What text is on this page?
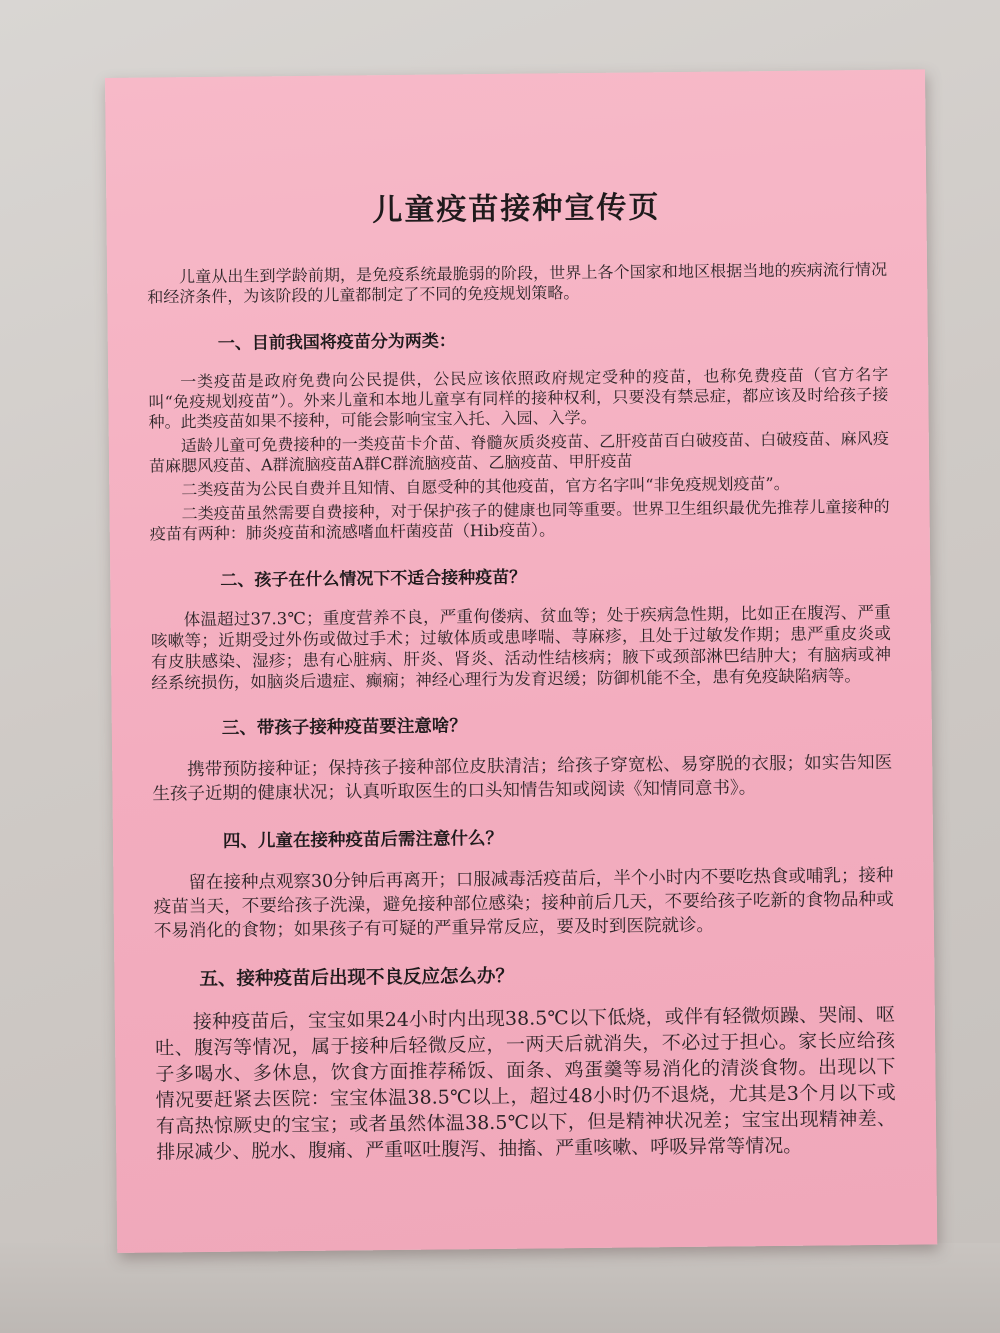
儿童疫苗接种宣传页

儿童从出生到学龄前期，是免疫系统最脆弱的阶段，世界上各个国家和地区根据当地的疾病流行情况和经济条件，为该阶段的儿童都制定了不同的免疫规划策略。

一、目前我国将疫苗分为两类：

一类疫苗是政府免费向公民提供，公民应该依照政府规定受种的疫苗，也称免费疫苗（官方名字叫“免疫规划疫苗”）。外来儿童和本地儿童享有同样的接种权利，只要没有禁忌症，都应该及时给孩子接种。此类疫苗如果不接种，可能会影响宝宝入托、入园、入学。

适龄儿童可免费接种的一类疫苗卡介苗、脊髓灰质炎疫苗、乙肝疫苗百白破疫苗、白破疫苗、麻风疫苗麻腮风疫苗、A群流脑疫苗A群C群流脑疫苗、乙脑疫苗、甲肝疫苗

二类疫苗为公民自费并且知情、自愿受种的其他疫苗，官方名字叫“非免疫规划疫苗”。

二类疫苗虽然需要自费接种，对于保护孩子的健康也同等重要。世界卫生组织最优先推荐儿童接种的疫苗有两种：肺炎疫苗和流感嗜血杆菌疫苗（Hib疫苗）。

二、孩子在什么情况下不适合接种疫苗？

体温超过37.3℃；重度营养不良，严重佝偻病、贫血等；处于疾病急性期，比如正在腹泻、严重咳嗽等；近期受过外伤或做过手术；过敏体质或患哮喘、荨麻疹，且处于过敏发作期；患严重皮炎或有皮肤感染、湿疹；患有心脏病、肝炎、肾炎、活动性结核病；腋下或颈部淋巴结肿大；有脑病或神经系统损伤，如脑炎后遗症、癫痫；神经心理行为发育迟缓；防御机能不全，患有免疫缺陷病等。

三、带孩子接种疫苗要注意啥？

携带预防接种证；保持孩子接种部位皮肤清洁；给孩子穿宽松、易穿脱的衣服；如实告知医生孩子近期的健康状况；认真听取医生的口头知情告知或阅读《知情同意书》。

四、儿童在接种疫苗后需注意什么？

留在接种点观察30分钟后再离开；口服减毒活疫苗后，半个小时内不要吃热食或哺乳；接种疫苗当天，不要给孩子洗澡，避免接种部位感染；接种前后几天，不要给孩子吃新的食物品种或不易消化的食物；如果孩子有可疑的严重异常反应，要及时到医院就诊。

五、接种疫苗后出现不良反应怎么办？

接种疫苗后，宝宝如果24小时内出现38.5℃以下低烧，或伴有轻微烦躁、哭闹、呕吐、腹泻等情况，属于接种后轻微反应，一两天后就消失，不必过于担心。家长应给孩子多喝水、多休息，饮食方面推荐稀饭、面条、鸡蛋羹等易消化的清淡食物。出现以下情况要赶紧去医院：宝宝体温38.5℃以上，超过48小时仍不退烧，尤其是3个月以下或有高热惊厥史的宝宝；或者虽然体温38.5℃以下，但是精神状况差；宝宝出现精神差、排尿减少、脱水、腹痛、严重呕吐腹泻、抽搐、严重咳嗽、呼吸异常等情况。
